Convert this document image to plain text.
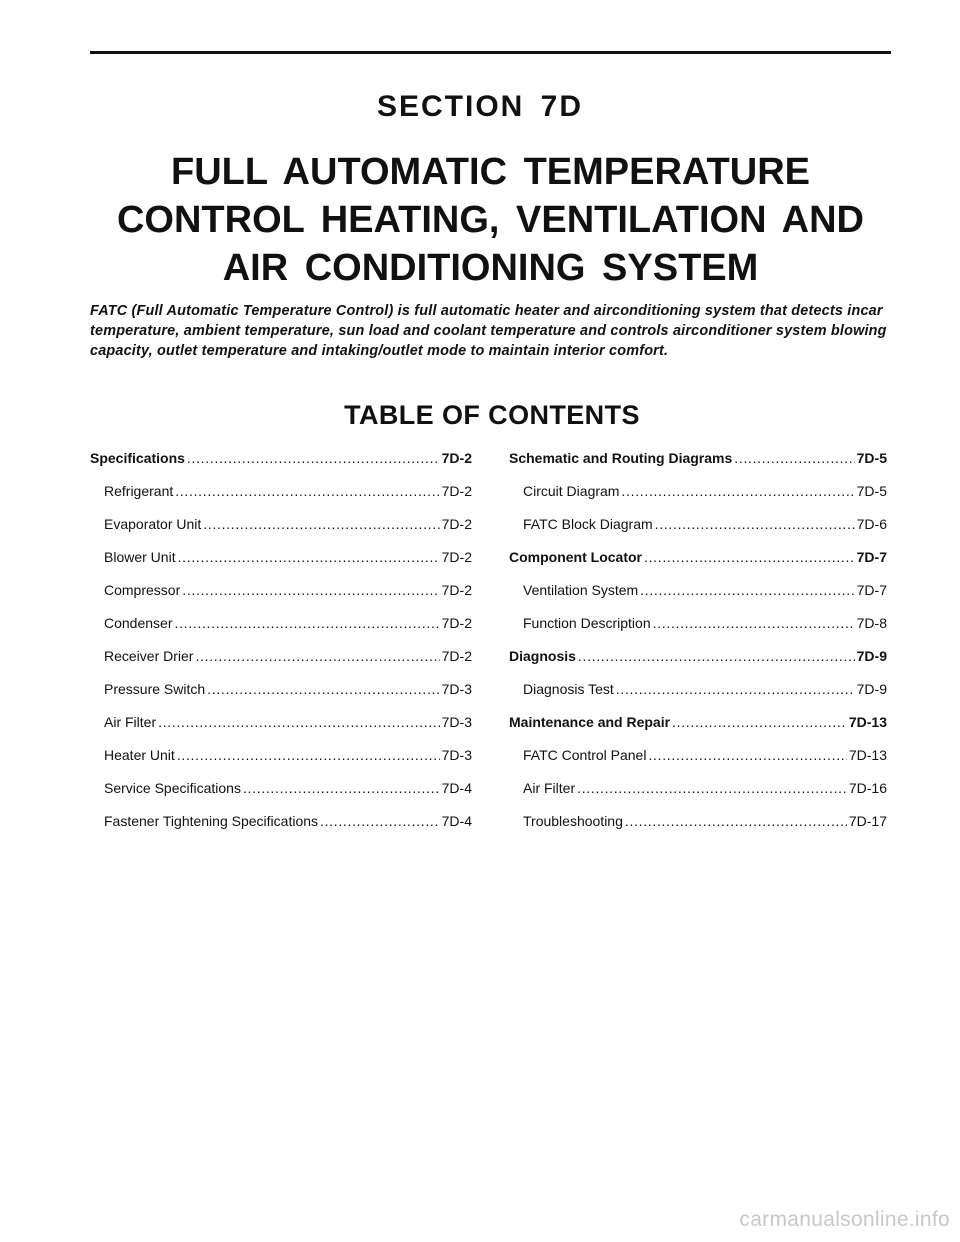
SECTION 7D
FULL AUTOMATIC TEMPERATURE
CONTROL HEATING, VENTILATION AND
AIR CONDITIONING SYSTEM

FATC (Full Automatic Temperature Control) is full automatic heater and airconditioning system that detects incar temperature, ambient temperature, sun load and coolant temperature and controls airconditioner system blowing capacity, outlet temperature and intaking/outlet mode to maintain interior comfort.

TABLE OF CONTENTS
Specifications . . .	7D-2
Refrigerant . . .	7D-2
Evaporator Unit . . .	7D-2
Blower Unit . . .	7D-2
Compressor . . .	7D-2
Condenser . . .	7D-2
Receiver Drier . . .	7D-2
Pressure Switch . . .	7D-3
Air Filter . . .	7D-3
Heater Unit . . .	7D-3
Service Specifications . . .	7D-4
Fastener Tightening Specifications . . .	7D-4
Schematic and Routing Diagrams . . .	7D-5
Circuit Diagram . . .	7D-5
FATC Block Diagram . . .	7D-6
Component Locator . . .	7D-7
Ventilation System . . .	7D-7
Function Description . . .	7D-8
Diagnosis . . .	7D-9
Diagnosis Test . . .	7D-9
Maintenance and Repair . . .	7D-13
FATC Control Panel . . .	7D-13
Air Filter . . .	7D-16
Troubleshooting . . .	7D-17
carmanualsonline.info
